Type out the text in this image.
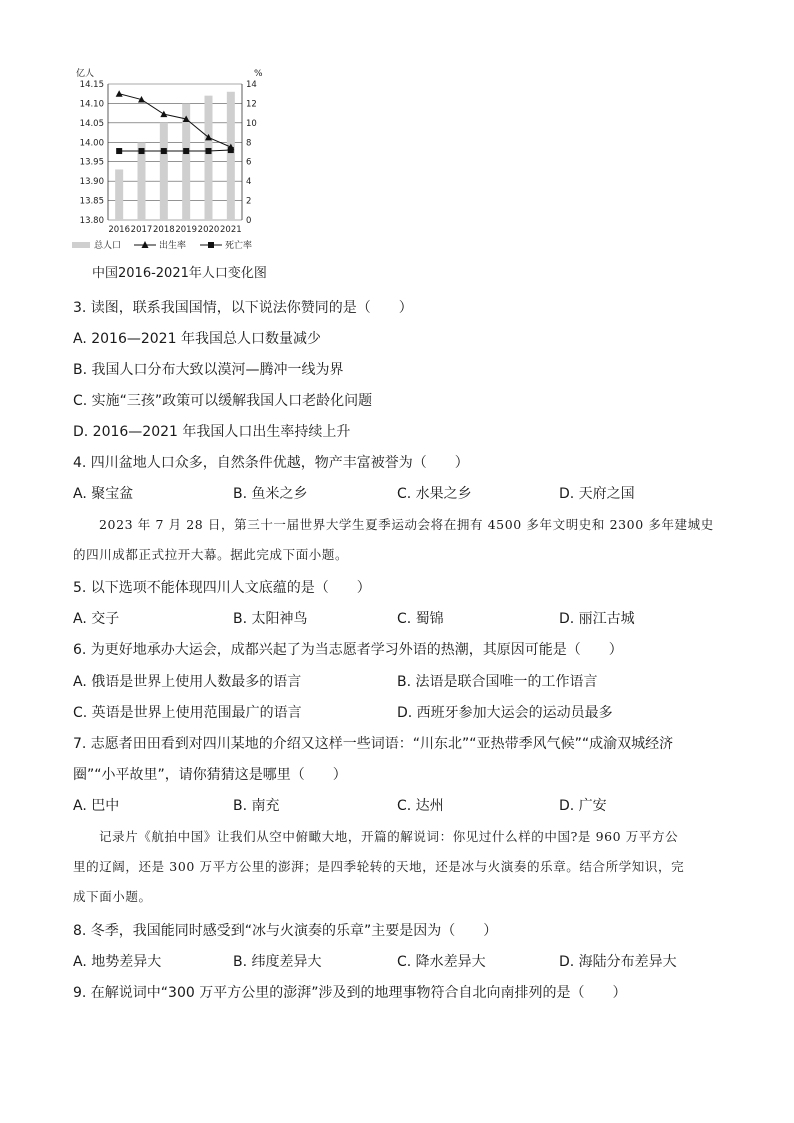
亿人	%
14.15
14.10
14.05
14.00
13.95
13.90
13.85
13.80
14
12
10
8
6
4
2
0
2016 2017 2018 2019 2020 2021
总人口	出生率	死亡率
中国2016-2021年人口变化图
3. 读图，联系我国国情，以下说法你赞同的是（　　）
A. 2016—2021 年我国总人口数量减少
B. 我国人口分布大致以漠河—腾冲一线为界
C. 实施“三孩”政策可以缓解我国人口老龄化问题
D. 2016—2021 年我国人口出生率持续上升
4. 四川盆地人口众多，自然条件优越，物产丰富被誉为（　　）
A. 聚宝盆	B. 鱼米之乡	C. 水果之乡	D. 天府之国
2023 年 7 月 28 日，第三十一届世界大学生夏季运动会将在拥有 4500 多年文明史和 2300 多年建城史
的四川成都正式拉开大幕。据此完成下面小题。
5. 以下选项不能体现四川人文底蕴的是（　　）
A. 交子	B. 太阳神鸟	C. 蜀锦	D. 丽江古城
6. 为更好地承办大运会，成都兴起了为当志愿者学习外语的热潮，其原因可能是（　　）
A. 俄语是世界上使用人数最多的语言	B. 法语是联合国唯一的工作语言
C. 英语是世界上使用范围最广的语言	D. 西班牙参加大运会的运动员最多
7. 志愿者田田看到对四川某地的介绍又这样一些词语：“川东北”“亚热带季风气候”“成渝双城经济
圈”“小平故里”，请你猜猜这是哪里（　　）
A. 巴中	B. 南充	C. 达州	D. 广安
记录片《航拍中国》让我们从空中俯瞰大地，开篇的解说词：你见过什么样的中国?是 960 万平方公
里的辽阔，还是 300 万平方公里的澎湃；是四季轮转的天地，还是冰与火演奏的乐章。结合所学知识，完
成下面小题。
8. 冬季，我国能同时感受到“冰与火演奏的乐章”主要是因为（　　）
A. 地势差异大	B. 纬度差异大	C. 降水差异大	D. 海陆分布差异大
9. 在解说词中“300 万平方公里的澎湃”涉及到的地理事物符合自北向南排列的是（　　）
